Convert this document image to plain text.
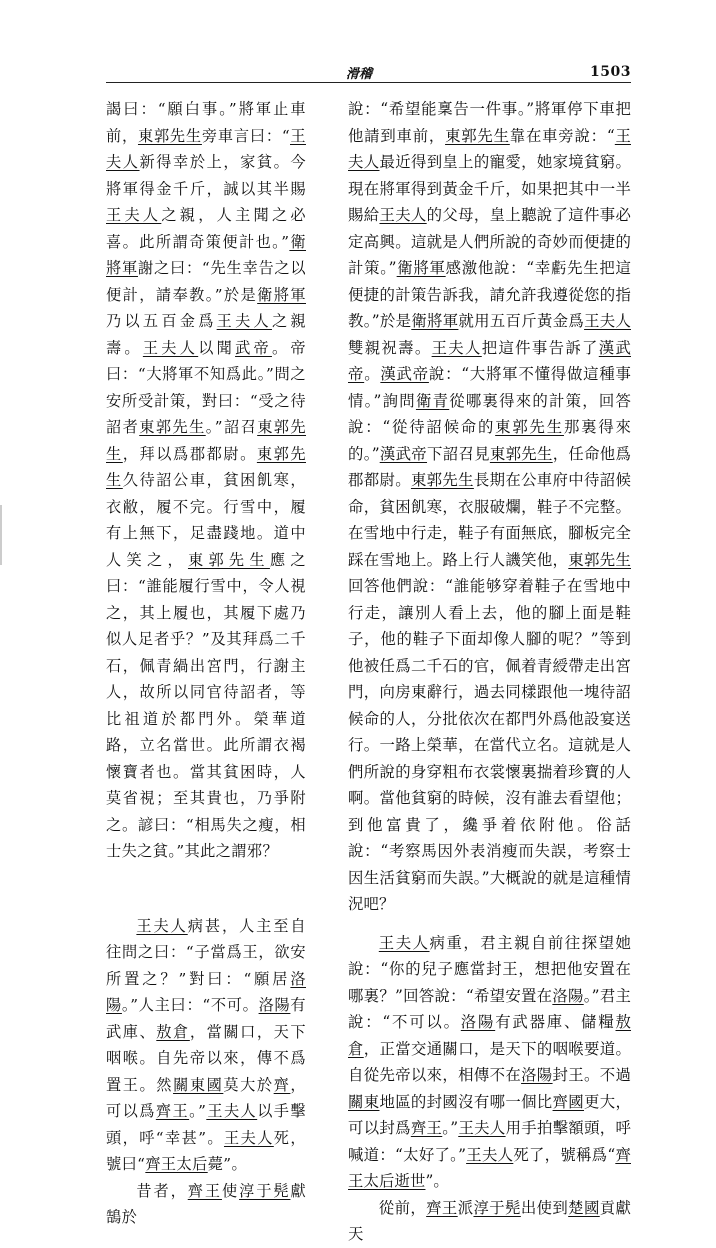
滑稽	1503

謁曰：“願白事。”將軍止車前，東郭先生旁車言曰：“王夫人新得幸於上，家貧。今將軍得金千斤，誠以其半賜王夫人之親，人主聞之必喜。此所謂奇策便計也。”衛將軍謝之曰：“先生幸告之以便計，請奉教。”於是衛將軍乃以五百金爲王夫人之親壽。王夫人以聞武帝。帝曰：“大將軍不知爲此。”問之安所受計策，對曰：“受之待詔者東郭先生。”詔召東郭先生，拜以爲郡都尉。東郭先生久待詔公車，貧困飢寒，衣敝，履不完。行雪中，履有上無下，足盡踐地。道中人笑之，東郭先生應之曰：“誰能履行雪中，令人視之，其上履也，其履下處乃似人足者乎？”及其拜爲二千石，佩青緺出宮門，行謝主人，故所以同官待詔者，等比祖道於都門外。榮華道路，立名當世。此所謂衣褐懷寶者也。當其貧困時，人莫省視；至其貴也，乃爭附之。諺曰：“相馬失之瘦，相士失之貧。”其此之謂邪？

王夫人病甚，人主至自往問之曰：“子當爲王，欲安所置之？”對曰：“願居洛陽。”人主曰：“不可。洛陽有武庫、敖倉，當關口，天下咽喉。自先帝以來，傳不爲置王。然關東國莫大於齊，可以爲齊王。”王夫人以手擊頭，呼“幸甚”。王夫人死，號曰“齊王太后薨”。

昔者，齊王使淳于髡獻鵠於

說：“希望能稟告一件事。”將軍停下車把他請到車前，東郭先生靠在車旁說：“王夫人最近得到皇上的寵愛，她家境貧窮。現在將軍得到黃金千斤，如果把其中一半賜給王夫人的父母，皇上聽說了這件事必定高興。這就是人們所說的奇妙而便捷的計策。”衛將軍感激他說：“幸虧先生把這便捷的計策告訴我，請允許我遵從您的指教。”於是衛將軍就用五百斤黃金爲王夫人雙親祝壽。王夫人把這件事告訴了漢武帝。漢武帝說：“大將軍不懂得做這種事情。”詢問衛青從哪裏得來的計策，回答說：“從待詔候命的東郭先生那裏得來的。”漢武帝下詔召見東郭先生，任命他爲郡都尉。東郭先生長期在公車府中待詔候命，貧困飢寒，衣服破爛，鞋子不完整。在雪地中行走，鞋子有面無底，腳板完全踩在雪地上。路上行人譏笑他，東郭先生回答他們說：“誰能够穿着鞋子在雪地中行走，讓別人看上去，他的腳上面是鞋子，他的鞋子下面却像人腳的呢？”等到他被任爲二千石的官，佩着青綬帶走出宮門，向房東辭行，過去同樣跟他一塊待詔候命的人，分批依次在都門外爲他設宴送行。一路上榮華，在當代立名。這就是人們所說的身穿粗布衣裳懷裏揣着珍寶的人啊。當他貧窮的時候，沒有誰去看望他；到他富貴了，纔爭着依附他。俗話說：“考察馬因外表消瘦而失誤，考察士因生活貧窮而失誤。”大概說的就是這種情況吧？

王夫人病重，君主親自前往探望她說：“你的兒子應當封王，想把他安置在哪裏？”回答說：“希望安置在洛陽。”君主說：“不可以。洛陽有武器庫、儲糧敖倉，正當交通關口，是天下的咽喉要道。自從先帝以來，相傳不在洛陽封王。不過關東地區的封國沒有哪一個比齊國更大，可以封爲齊王。”王夫人用手拍擊額頭，呼喊道：“太好了。”王夫人死了，號稱爲“齊王太后逝世”。

從前，齊王派淳于髡出使到楚國貢獻天
